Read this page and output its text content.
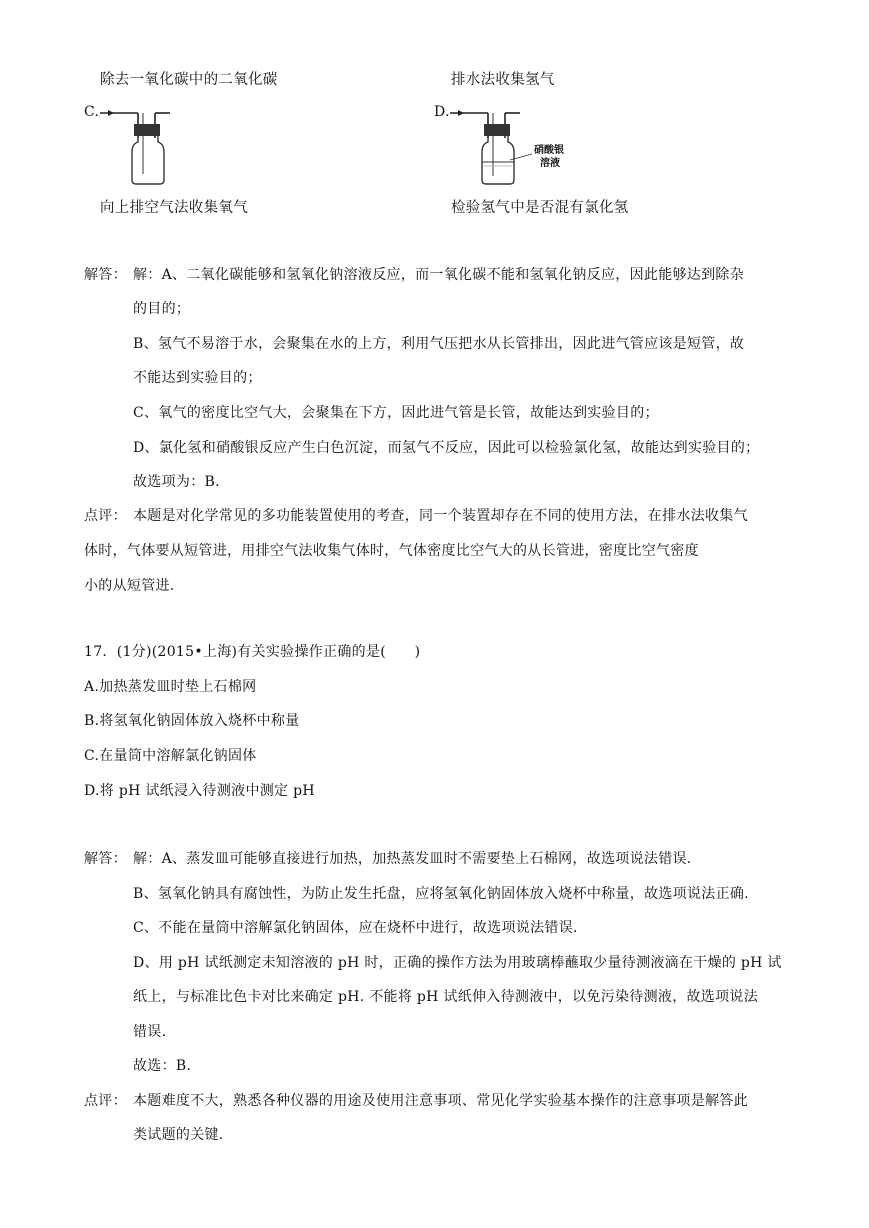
除去一氧化碳中的二氧化碳	排水法收集氢气
C.
向上排空气法收集氧气
D.
硝酸银
溶液
检验氢气中是否混有氯化氢
解答： 解：A、二氧化碳能够和氢氧化钠溶液反应，而一氧化碳不能和氢氧化钠反应，因此能够达到除杂
的目的；
B、氢气不易溶于水，会聚集在水的上方，利用气压把水从长管排出，因此进气管应该是短管，故
不能达到实验目的；
C、氧气的密度比空气大，会聚集在下方，因此进气管是长管，故能达到实验目的；
D、氯化氢和硝酸银反应产生白色沉淀，而氢气不反应，因此可以检验氯化氢，故能达到实验目的；
故选项为：B.
点评： 本题是对化学常见的多功能装置使用的考查，同一个装置却存在不同的使用方法，在排水法收集气
体时，气体要从短管进，用排空气法收集气体时，气体密度比空气大的从长管进，密度比空气密度
小的从短管进.
17．(1分)(2015•上海)有关实验操作正确的是(　　)
A.加热蒸发皿时垫上石棉网
B.将氢氧化钠固体放入烧杯中称量
C.在量筒中溶解氯化钠固体
D.将 pH 试纸浸入待测液中测定 pH
解答： 解：A、蒸发皿可能够直接进行加热，加热蒸发皿时不需要垫上石棉网，故选项说法错误.
B、氢氧化钠具有腐蚀性，为防止发生托盘，应将氢氧化钠固体放入烧杯中称量，故选项说法正确.
C、不能在量筒中溶解氯化钠固体，应在烧杯中进行，故选项说法错误.
D、用 pH 试纸测定未知溶液的 pH 时，正确的操作方法为用玻璃棒蘸取少量待测液滴在干燥的 pH 试
纸上，与标准比色卡对比来确定 pH. 不能将 pH 试纸伸入待测液中，以免污染待测液，故选项说法
错误.
故选：B.
点评： 本题难度不大，熟悉各种仪器的用途及使用注意事项、常见化学实验基本操作的注意事项是解答此
类试题的关键.
